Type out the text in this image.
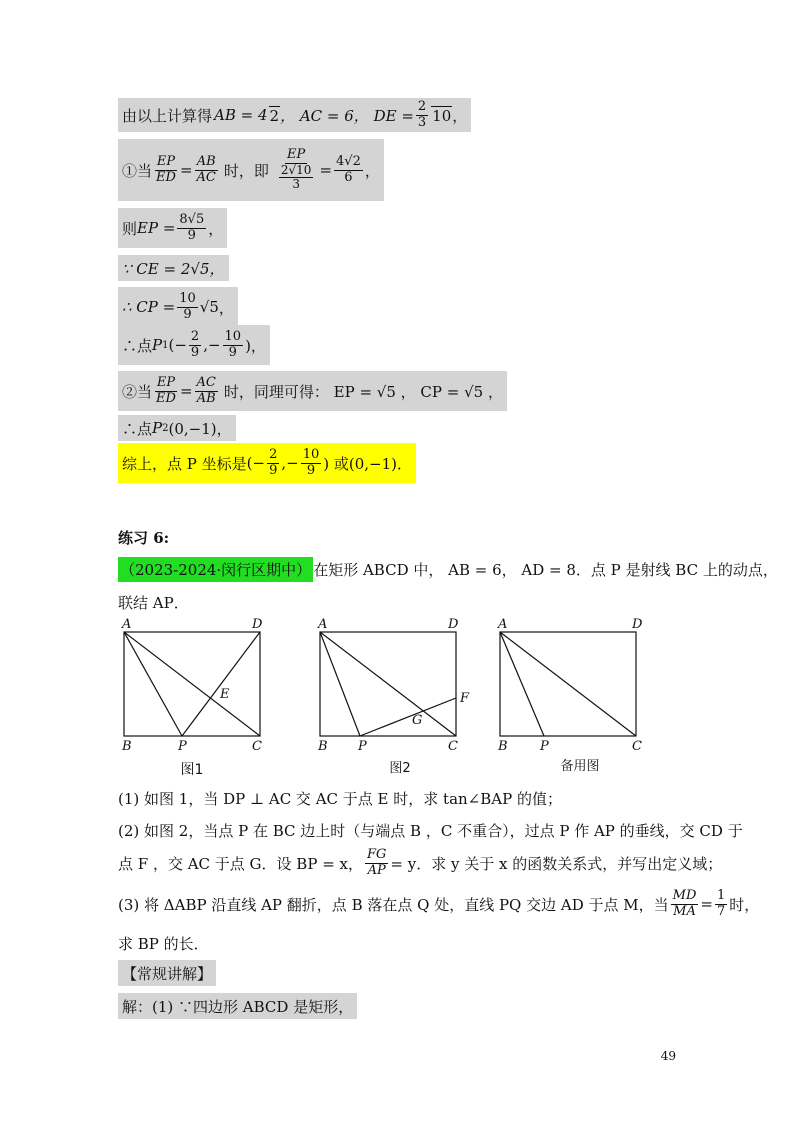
由以上计算得 AB = 4 2 ， AC = 6， DE = $\frac{2}{3} 10$ ，
①当 $\frac{EP}{ED} = \frac{AB}{AC}$ 时，即 $\frac{EP}{\frac{2√10}{3}} = \frac{4√2}{6}$ ，
则 EP = $\frac{8√5}{9}$ ，
∵ CE = 2√5，
∴ CP = $\frac{10}{9} √5$ ，
∴点 P 1 (− $\frac{2}{9}$ ,− $\frac{10}{9}$ )，
②当 $\frac{EP}{ED} = \frac{AC}{AB}$ 时，同理可得： EP = √5 ， CP = √5 ，
∴点 P 2 (0,−1)，
综上，点 P 坐标是 (− $\frac{2}{9}$ ,− $\frac{10}{9}$ ) 或(0,−1)．
练习 6:
（2023-2024·闵行区期中） 在矩形 ABCD 中， AB = 6， AD = 8．点 P 是射线 BC 上的动点，
联结 AP．
A	D
B	P	C
E
图1
A	D
B P	C
F
G
图2
A	D
B P	C
备用图
(1) 如图 1，当 DP ⊥ AC 交 AC 于点 E 时，求 tan∠BAP 的值；
(2) 如图 2，当点 P 在 BC 边上时（与端点 B ，C 不重合），过点 P 作 AP 的垂线，交 CD 于
点 F ，交 AC 于点 G．设 BP = x， $\frac{FG}{AP} = y$．求 y 关于 x 的函数关系式，并写出定义域；
(3) 将 ΔABP 沿直线 AP 翻折，点 B 落在点 Q 处，直线 PQ 交边 AD 于点 M，当 $\frac{MD}{MA} = \frac{1}{7}$ 时，
求 BP 的长．
【常规讲解】
解：(1) ∵四边形 ABCD 是矩形，
49
